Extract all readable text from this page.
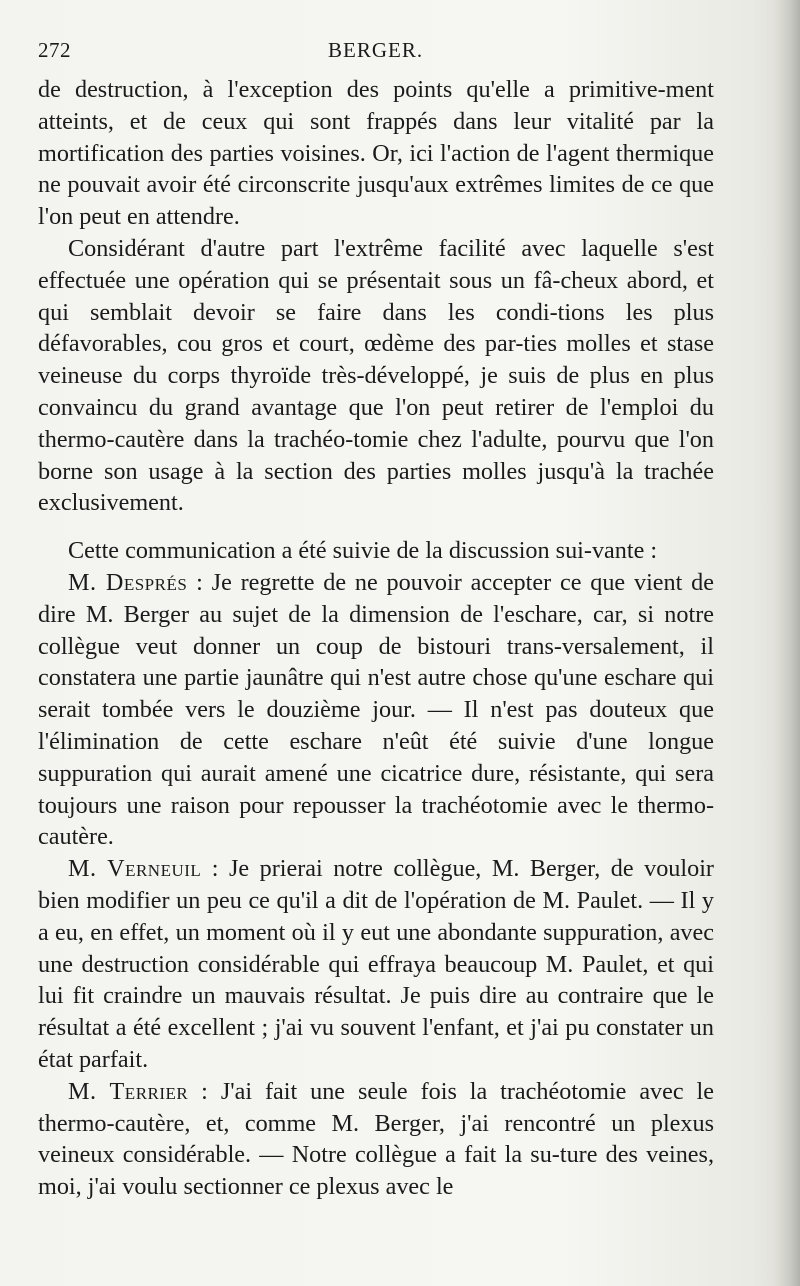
272	BERGER.

de destruction, à l'exception des points qu'elle a primitive-ment atteints, et de ceux qui sont frappés dans leur vitalité par la mortification des parties voisines. Or, ici l'action de l'agent thermique ne pouvait avoir été circonscrite jusqu'aux extrêmes limites de ce que l'on peut en attendre.

Considérant d'autre part l'extrême facilité avec laquelle s'est effectuée une opération qui se présentait sous un fâ-cheux abord, et qui semblait devoir se faire dans les condi-tions les plus défavorables, cou gros et court, œdème des par-ties molles et stase veineuse du corps thyroïde très-développé, je suis de plus en plus convaincu du grand avantage que l'on peut retirer de l'emploi du thermo-cautère dans la trachéo-tomie chez l'adulte, pourvu que l'on borne son usage à la section des parties molles jusqu'à la trachée exclusivement.

Cette communication a été suivie de la discussion sui-vante :

M. Després : Je regrette de ne pouvoir accepter ce que vient de dire M. Berger au sujet de la dimension de l'eschare, car, si notre collègue veut donner un coup de bistouri trans-versalement, il constatera une partie jaunâtre qui n'est autre chose qu'une eschare qui serait tombée vers le douzième jour. — Il n'est pas douteux que l'élimination de cette eschare n'eût été suivie d'une longue suppuration qui aurait amené une cicatrice dure, résistante, qui sera toujours une raison pour repousser la trachéotomie avec le thermo-cautère.

M. Verneuil : Je prierai notre collègue, M. Berger, de vouloir bien modifier un peu ce qu'il a dit de l'opération de M. Paulet. — Il y a eu, en effet, un moment où il y eut une abondante suppuration, avec une destruction considérable qui effraya beaucoup M. Paulet, et qui lui fit craindre un mauvais résultat. Je puis dire au contraire que le résultat a été excellent ; j'ai vu souvent l'enfant, et j'ai pu constater un état parfait.

M. Terrier : J'ai fait une seule fois la trachéotomie avec le thermo-cautère, et, comme M. Berger, j'ai rencontré un plexus veineux considérable. — Notre collègue a fait la su-ture des veines, moi, j'ai voulu sectionner ce plexus avec le
